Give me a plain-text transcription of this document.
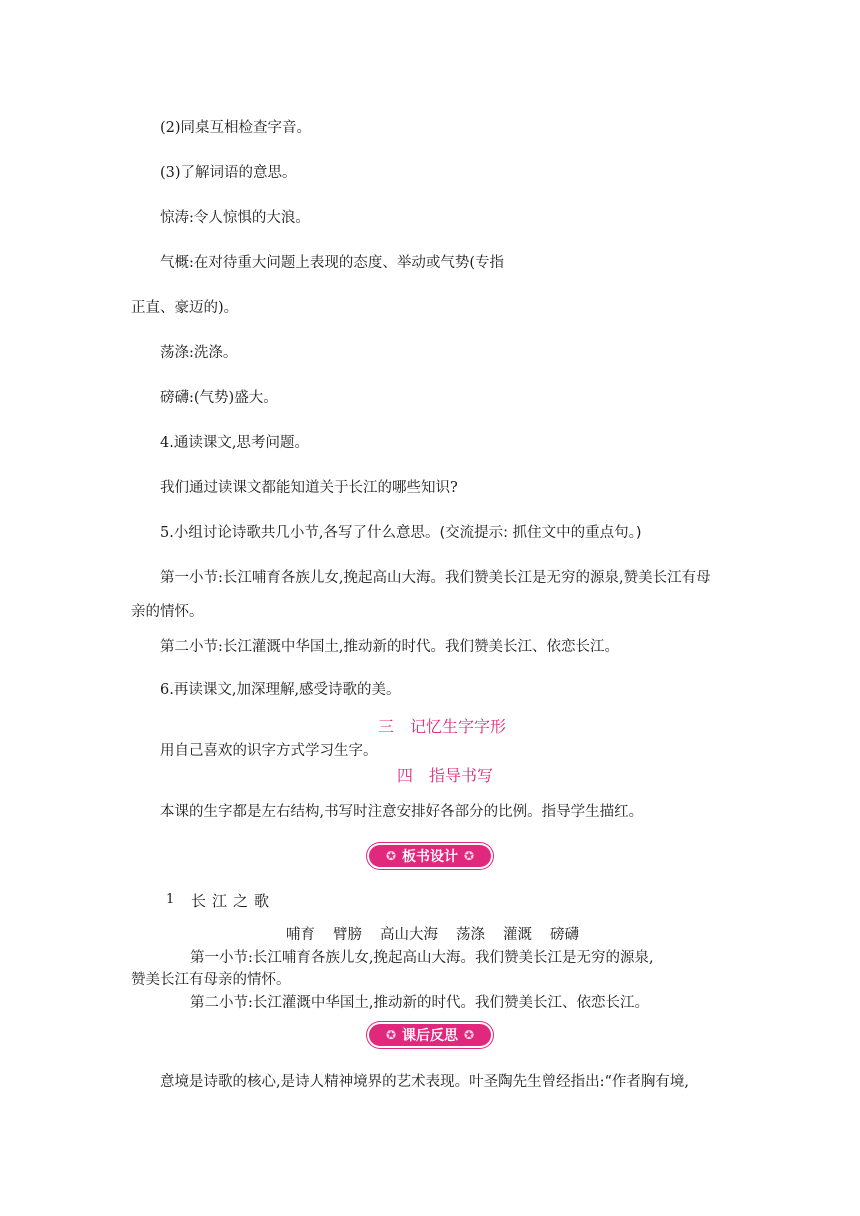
(2)同桌互相检查字音。
(3)了解词语的意思。
惊涛:令人惊惧的大浪。
气概:在对待重大问题上表现的态度、举动或气势(专指
正直、豪迈的)。
荡涤:洗涤。
磅礴:(气势)盛大。
4.通读课文,思考问题。
我们通过读课文都能知道关于长江的哪些知识?
5.小组讨论诗歌共几小节,各写了什么意思。(交流提示: 抓住文中的重点句。)
第一小节:长江哺育各族儿女,挽起高山大海。我们赞美长江是无穷的源泉,赞美长江有母
亲的情怀。
第二小节:长江灌溉中华国土,推动新的时代。我们赞美长江、依恋长江。
6.再读课文,加深理解,感受诗歌的美。
三　记忆生字字形
用自己喜欢的识字方式学习生字。
四　指导书写
本课的生字都是左右结构,书写时注意安排好各部分的比例。指导学生描红。
✪ 板书设计 ✪
1 长江之歌
哺育 臂膀 高山大海 荡涤 灌溉 磅礴
第一小节:长江哺育各族儿女,挽起高山大海。我们赞美长江是无穷的源泉,
赞美长江有母亲的情怀。
第二小节:长江灌溉中华国土,推动新的时代。我们赞美长江、依恋长江。
✪ 课后反思 ✪
意境是诗歌的核心,是诗人精神境界的艺术表现。叶圣陶先生曾经指出:“作者胸有境,
